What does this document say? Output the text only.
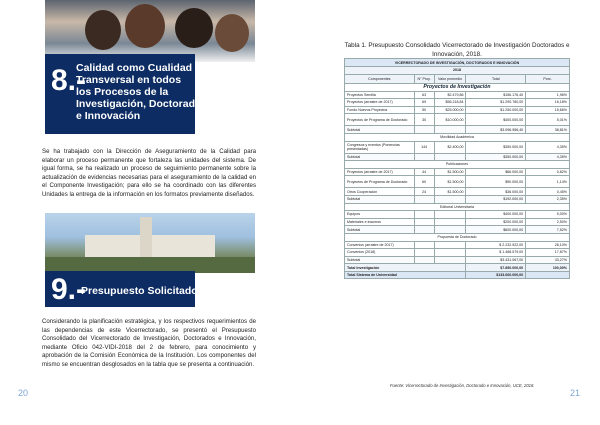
8.-
Calidad como Cualidad
Transversal en todos
los Procesos de la
Investigación, Doctorados
e Innovación

Se ha trabajado con la Dirección de Aseguramiento de la Calidad para elaborar un proceso permanente que fortaleza las unidades del sistema. De igual forma, se ha realizado un proceso de seguimiento permanente sobre la actualización de evidencias necesarias para el aseguramiento de la calidad en el Componente Investigación; para ello se ha coordinado con las diferentes Unidades la entrega de la información en los formatos previamente diseñados.

9.-
Presupuesto Solicitado

Considerando la planificación estratégica, y los respectivos requerimientos de las dependencias de este Vicerrectorado, se presentó el Presupuesto Consolidado del Vicerrectorado de Investigación, Doctorados e Innovación, mediante Oficio 042-VIDI-2018 del 2 de febrero, para conocimiento y aprobación de la Comisión Económica de la Institución. Los componentes del mismo se encuentran desglosados en la tabla que se presenta a continuación.

20
Tabla 1. Presupuesto Consolidado Vicerrectorado de Investigación Doctorados e Innovación, 2018.
VICERRECTORADO DE INVESTIGACIÓN, DOCTORADOS E INNOVACIÓN				
2018				
Componentes	N° Proy.	Valor promedio	Total	Porc.
Proyectos de Investigación				
Proyectos Semilla	63	$2.479,86	$156.176,40	1,96%
Proyectos (arrastre de 2017)	69	$56.218,84	$1.290.780,00	16,18%
Fondo Nuevos Proyectos	50	$25.000,00	$1.250.000,00	15,66%
Proyectos de Programa de Doctorado	30	$10.000,00	$400.000,00	5,01%
Subtotal			$3.096.956,40	38,81%
Movilidad Académica				
Congresos y eventos (Ponencias presentadas)	144	$2.400,00	$350.000,00	4,35%
Subtotal			$350.000,00	4,35%
Publicaciones				
Proyectos (arrastre de 2017)	44	$1.500,00	$66.000,00	0,82%
Proyectos de Programa de Doctorado	60	$1.500,00	$90.000,00	1,14%
Otros Cooperación	24	$1.500,00	$36.000,00	0,45%
Subtotal			$192.000,00	2,35%
Editorial Universitaria				
Equipos			$400.000,00	5,00%
Materiales e insumos			$200.000,00	2,50%
Subtotal			$600.000,00	7,52%
Propuesta de Doctorado				
Convenios (arrastre de 2017)			$ 2.232.522,00	28,10%
Convenios (2018)			$ 1.468.579,00	17,87%
Subtotal			$3.431.067,00	43,27%
Total Investigación			$7.850.000,00	100,00%
Total Sistema de Universidad			$133.660.000,00	
Fuente: Vicerrectorado de Investigación, Doctorado e Innovación, UCE, 2018.
21
